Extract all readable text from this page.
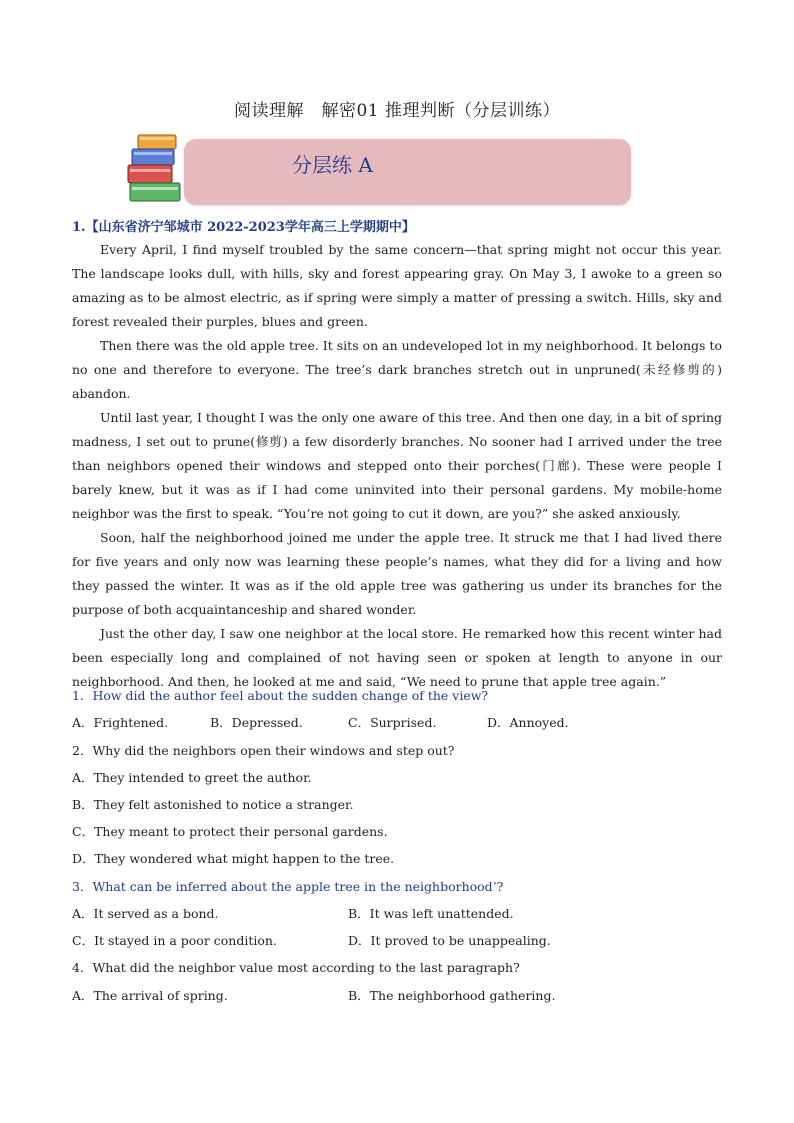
阅读理解　解密01 推理判断（分层训练）
分层练 A
1.【山东省济宁邹城市 2022-2023学年高三上学期期中】

Every April, I find myself troubled by the same concern—that spring might not occur this year. The landscape looks dull, with hills, sky and forest appearing gray. On May 3, I awoke to a green so amazing as to be almost electric, as if spring were simply a matter of pressing a switch. Hills, sky and forest revealed their purples, blues and green.

Then there was the old apple tree. It sits on an undeveloped lot in my neighborhood. It belongs to no one and therefore to everyone. The tree’s dark branches stretch out in unpruned(未经修剪的) abandon.

Until last year, I thought I was the only one aware of this tree. And then one day, in a bit of spring madness, I set out to prune(修剪) a few disorderly branches. No sooner had I arrived under the tree than neighbors opened their windows and stepped onto their porches(门廊). These were people I barely knew, but it was as if I had come uninvited into their personal gardens. My mobile-home neighbor was the first to speak. “You’re not going to cut it down, are you?” she asked anxiously.

Soon, half the neighborhood joined me under the apple tree. It struck me that I had lived there for five years and only now was learning these people’s names, what they did for a living and how they passed the winter. It was as if the old apple tree was gathering us under its branches for the purpose of both acquaintanceship and shared wonder.

Just the other day, I saw one neighbor at the local store. He remarked how this recent winter had been especially long and complained of not having seen or spoken at length to anyone in our neighborhood. And then, he looked at me and said, “We need to prune that apple tree again.”

1．How did the author feel about the sudden change of the view?
A．Frightened.	B．Depressed.	C．Surprised.	D．Annoyed.
2．Why did the neighbors open their windows and step out?
A．They intended to greet the author.
B．They felt astonished to notice a stranger.
C．They meant to protect their personal gardens.
D．They wondered what might happen to the tree.
3．What can be inferred about the apple tree in the neighborhood’?
A．It served as a bond.	B．It was left unattended.
C．It stayed in a poor condition.	D．It proved to be unappealing.
4．What did the neighbor value most according to the last paragraph?
A．The arrival of spring.	B．The neighborhood gathering.
